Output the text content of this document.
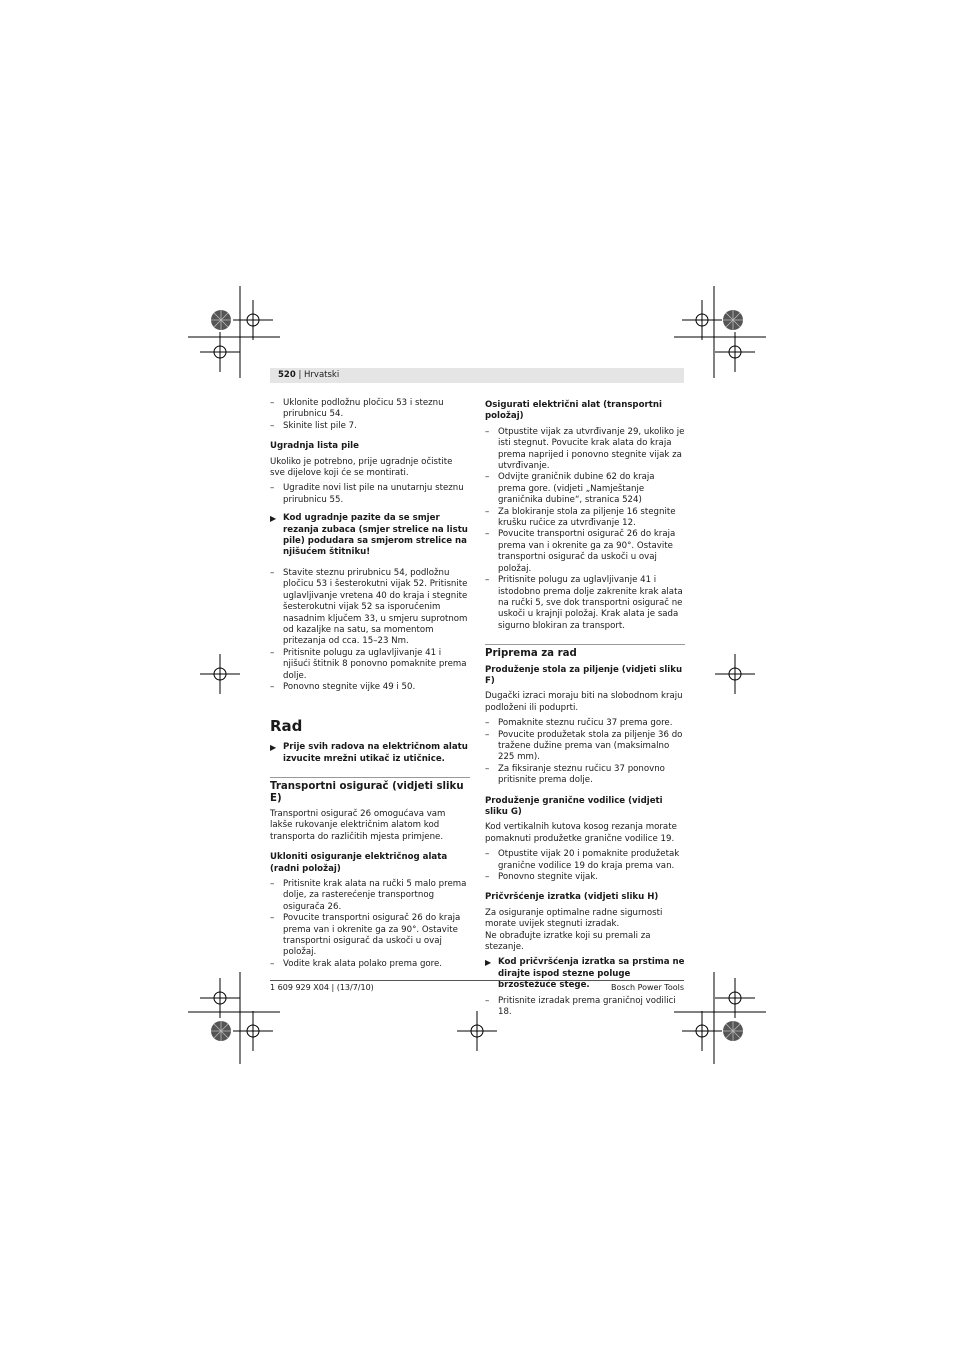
520 | Hrvatski
– Uklonite podložnu pločicu 53 i steznu prirubnicu 54.
– Skinite list pile 7.
Ugradnja lista pile
Ukoliko je potrebno, prije ugradnje očistite sve dijelove koji će se montirati.
– Ugradite novi list pile na unutarnju steznu prirubnicu 55.
▶ Kod ugradnje pazite da se smjer rezanja zubaca (smjer strelice na listu pile) podudara sa smjerom strelice na njišućem štitniku!
– Stavite steznu prirubnicu 54, podložnu pločicu 53 i šesterokutni vijak 52. Pritisnite uglavljivanje vretena 40 do kraja i stegnite šesterokutni vijak 52 sa isporučenim nasadnim ključem 33, u smjeru suprotnom od kazaljke na satu, sa momentom pritezanja od cca. 15–23 Nm.
– Pritisnite polugu za uglavljivanje 41 i njišući štitnik 8 ponovno pomaknite prema dolje.
– Ponovno stegnite vijke 49 i 50.
Rad
▶ Prije svih radova na električnom alatu izvucite mrežni utikač iz utičnice.
Transportni osigurač (vidjeti sliku E)
Transportni osigurač 26 omogućava vam lakše rukovanje električnim alatom kod transporta do različitih mjesta primjene.
Ukloniti osiguranje električnog alata (radni položaj)
– Pritisnite krak alata na ručki 5 malo prema dolje, za rasterećenje transportnog osigurača 26.
– Povucite transportni osigurač 26 do kraja prema van i okrenite ga za 90°. Ostavite transportni osigurač da uskoči u ovaj položaj.
– Vodite krak alata polako prema gore.
Osigurati električni alat (transportni položaj)
– Otpustite vijak za utvrđivanje 29, ukoliko je isti stegnut. Povucite krak alata do kraja prema naprijed i ponovno stegnite vijak za utvrđivanje.
– Odvijte graničnik dubine 62 do kraja prema gore. (vidjeti „Namještanje graničnika dubine“, stranica 524)
– Za blokiranje stola za piljenje 16 stegnite krušku ručice za utvrđivanje 12.
– Povucite transportni osigurač 26 do kraja prema van i okrenite ga za 90°. Ostavite transportni osigurač da uskoči u ovaj položaj.
– Pritisnite polugu za uglavljivanje 41 i istodobno prema dolje zakrenite krak alata na ručki 5, sve dok transportni osigurač ne uskoči u krajnji položaj. Krak alata je sada sigurno blokiran za transport.
Priprema za rad
Produženje stola za piljenje (vidjeti sliku F)
Dugački izraci moraju biti na slobodnom kraju podloženi ili poduprti.
– Pomaknite steznu ručicu 37 prema gore.
– Povucite produžetak stola za piljenje 36 do tražene dužine prema van (maksimalno 225 mm).
– Za fiksiranje steznu ručicu 37 ponovno pritisnite prema dolje.
Produženje granične vodilice (vidjeti sliku G)
Kod vertikalnih kutova kosog rezanja morate pomaknuti produžetke granične vodilice 19.
– Otpustite vijak 20 i pomaknite produžetak granične vodilice 19 do kraja prema van.
– Ponovno stegnite vijak.
Pričvršćenje izratka (vidjeti sliku H)
Za osiguranje optimalne radne sigurnosti morate uvijek stegnuti izradak.
Ne obrađujte izratke koji su premali za stezanje.
▶ Kod pričvršćenja izratka sa prstima ne dirajte ispod stezne poluge brzostežuće stege.
– Pritisnite izradak prema graničnoj vodilici 18.
1 609 929 X04 | (13/7/10)	Bosch Power Tools
